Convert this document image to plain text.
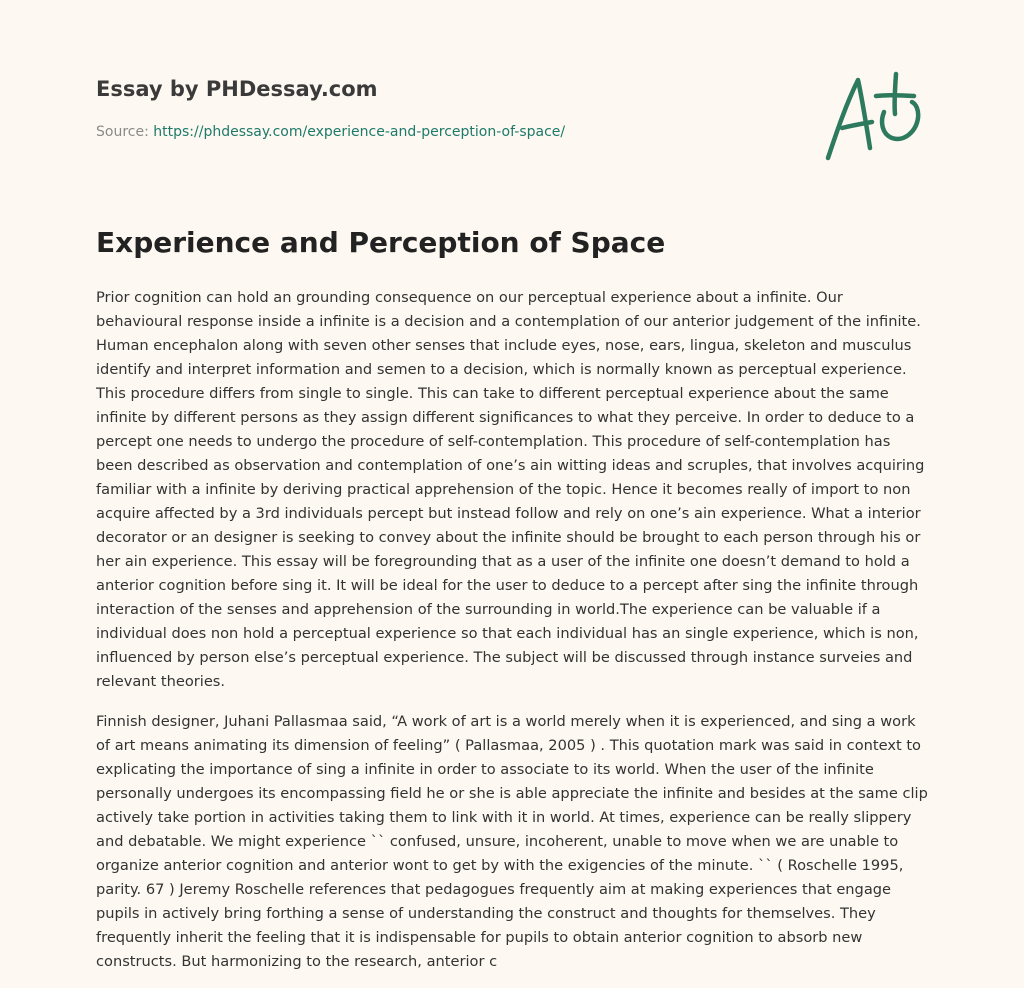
Essay by PHDessay.com
Source: https://phdessay.com/experience-and-perception-of-space/
Experience and Perception of Space

Prior cognition can hold an grounding consequence on our perceptual experience about a infinite. Our behavioural response inside a infinite is a decision and a contemplation of our anterior judgement of the infinite. Human encephalon along with seven other senses that include eyes, nose, ears, lingua, skeleton and musculus identify and interpret information and semen to a decision, which is normally known as perceptual experience. This procedure differs from single to single. This can take to different perceptual experience about the same infinite by different persons as they assign different significances to what they perceive. In order to deduce to a percept one needs to undergo the procedure of self-contemplation. This procedure of self-contemplation has been described as observation and contemplation of one’s ain witting ideas and scruples, that involves acquiring familiar with a infinite by deriving practical apprehension of the topic. Hence it becomes really of import to non acquire affected by a 3rd individuals percept but instead follow and rely on one’s ain experience. What a interior decorator or an designer is seeking to convey about the infinite should be brought to each person through his or her ain experience. This essay will be foregrounding that as a user of the infinite one doesn’t demand to hold a anterior cognition before sing it. It will be ideal for the user to deduce to a percept after sing the infinite through interaction of the senses and apprehension of the surrounding in world.The experience can be valuable if a individual does non hold a perceptual experience so that each individual has an single experience, which is non, influenced by person else’s perceptual experience. The subject will be discussed through instance surveies and relevant theories.

Finnish designer, Juhani Pallasmaa said, “A work of art is a world merely when it is experienced, and sing a work of art means animating its dimension of feeling” ( Pallasmaa, 2005 ) . This quotation mark was said in context to explicating the importance of sing a infinite in order to associate to its world. When the user of the infinite personally undergoes its encompassing field he or she is able appreciate the infinite and besides at the same clip actively take portion in activities taking them to link with it in world. At times, experience can be really slippery and debatable. We might experience `` confused, unsure, incoherent, unable to move when we are unable to organize anterior cognition and anterior wont to get by with the exigencies of the minute. `` ( Roschelle 1995, parity. 67 ) Jeremy Roschelle references that pedagogues frequently aim at making experiences that engage pupils in actively bring forthing a sense of understanding the construct and thoughts for themselves. They frequently inherit the feeling that it is indispensable for pupils to obtain anterior cognition to absorb new constructs. But harmonizing to the research, anterior c
